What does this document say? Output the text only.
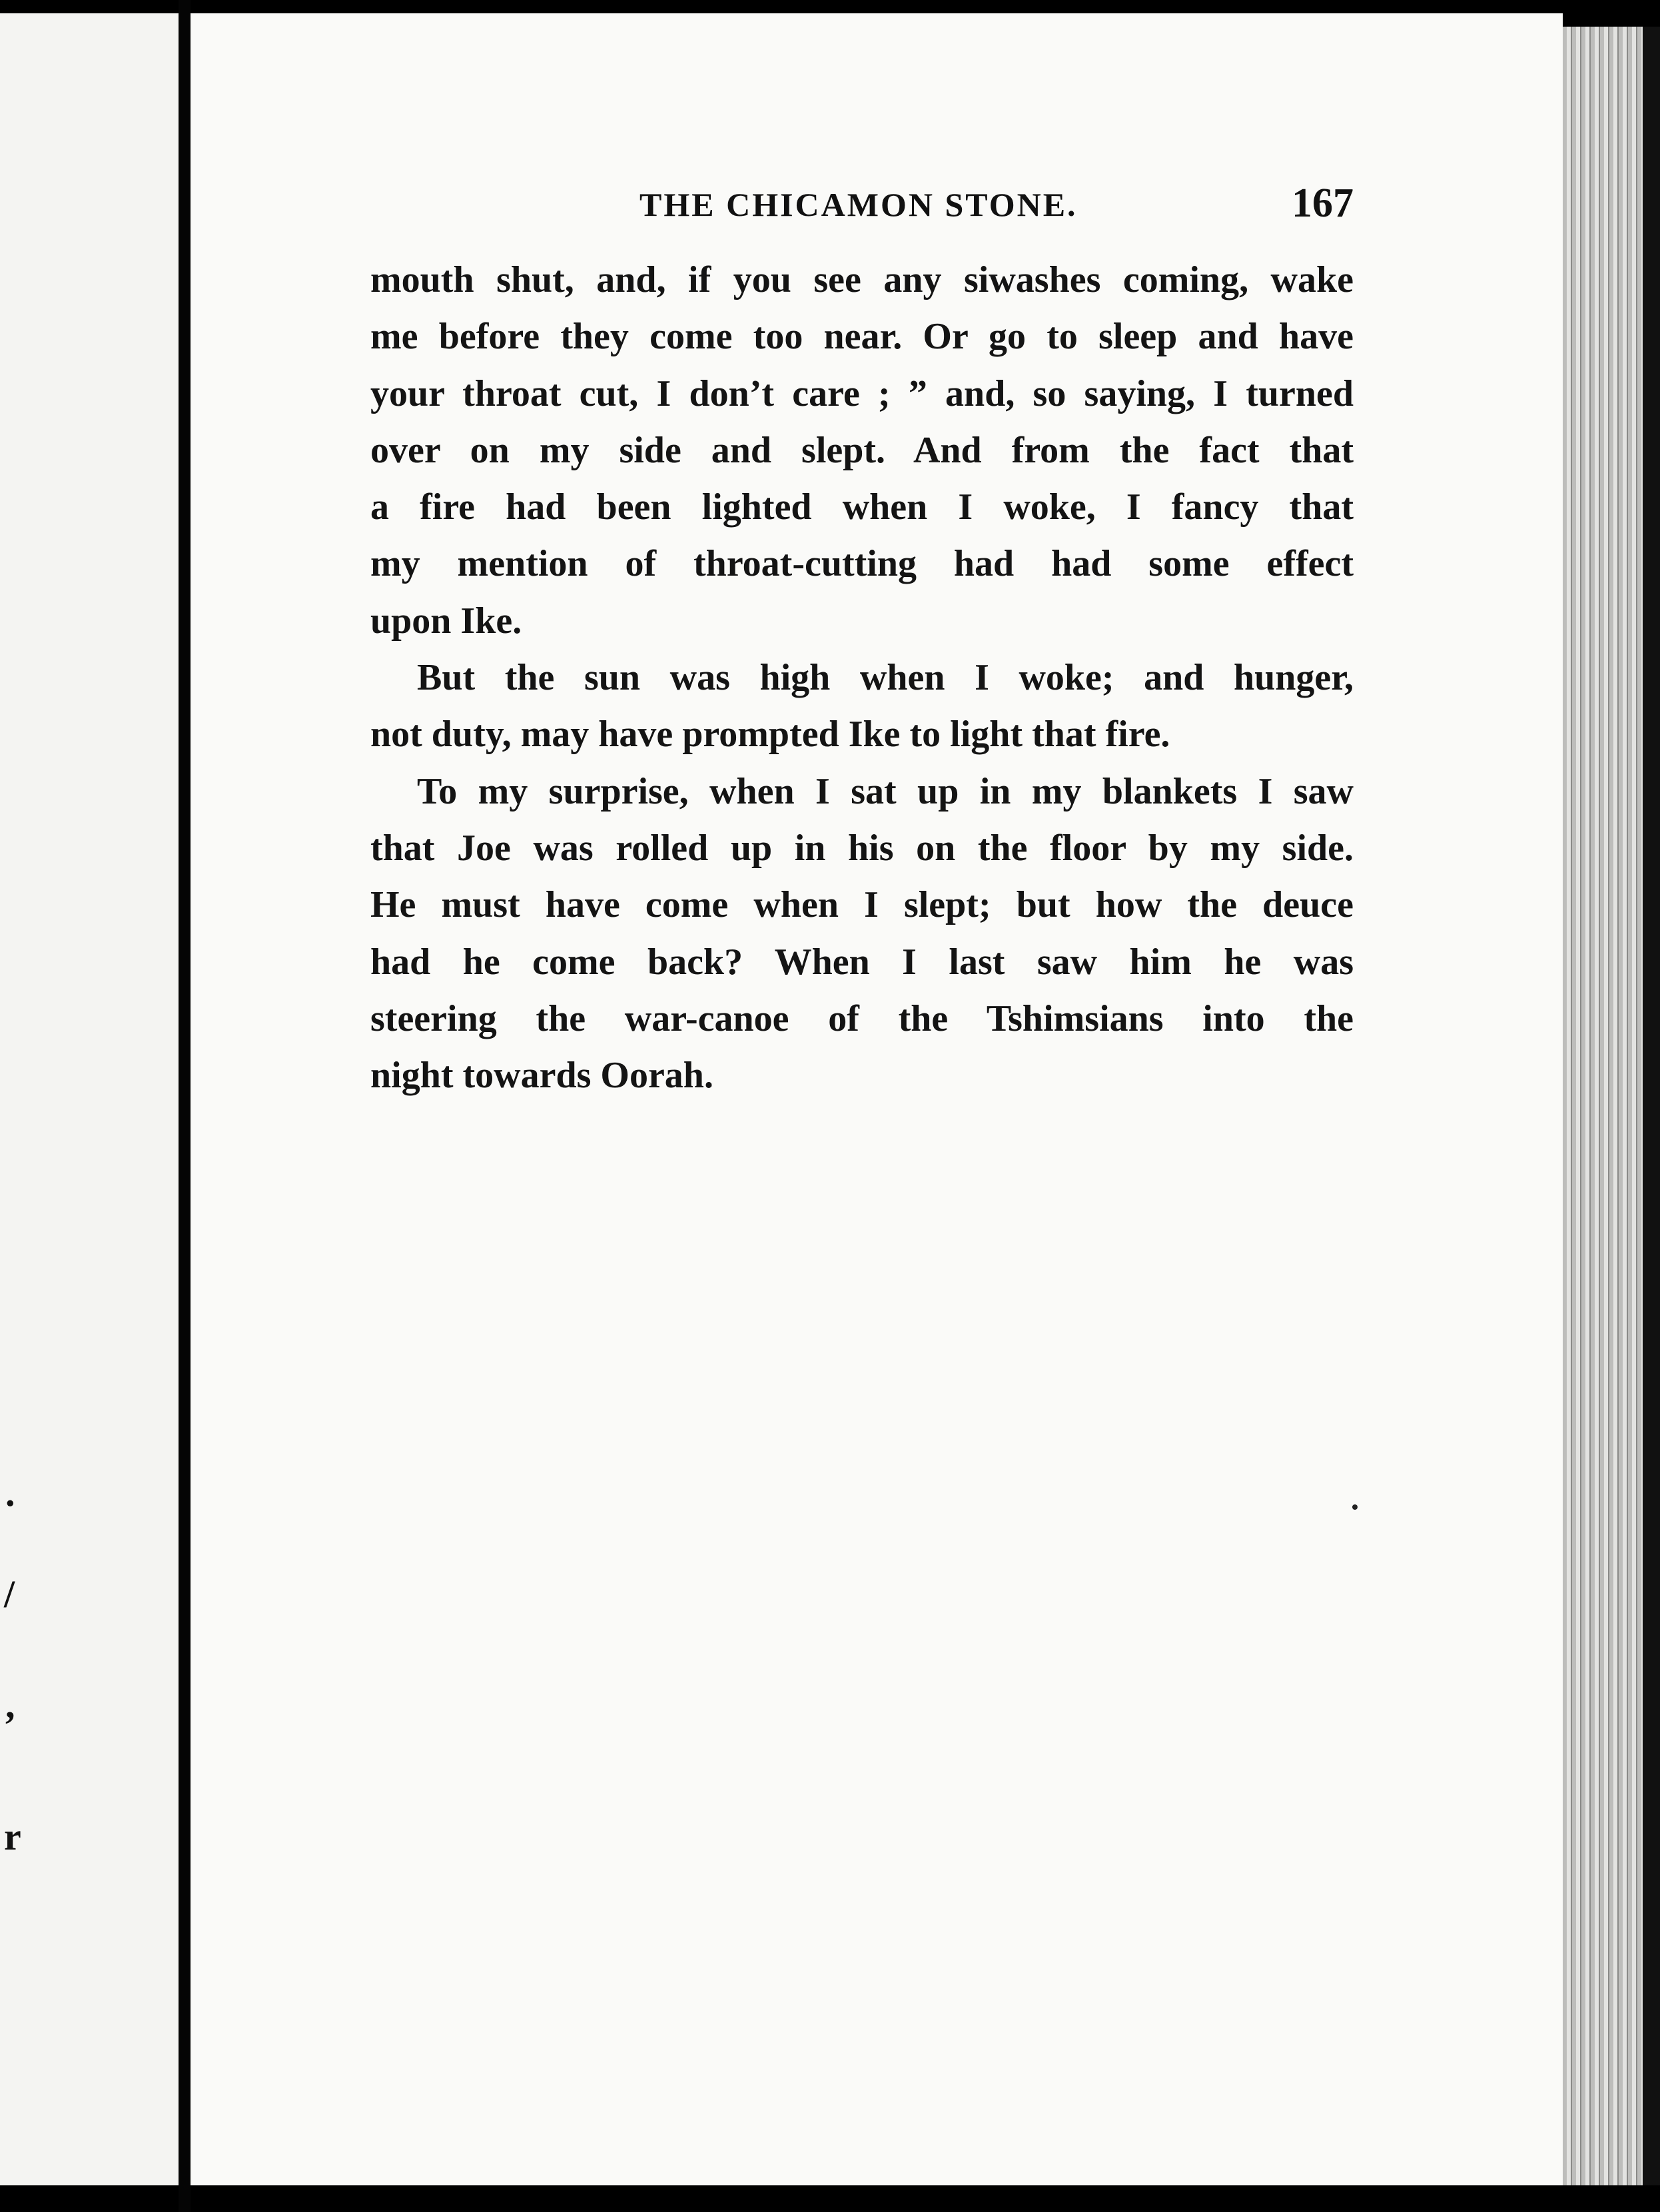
.
/
,
r
THE CHICAMON STONE.	167
mouth shut, and, if you see any siwashes coming, wake
me before they come too near. Or go to sleep and have
your throat cut, I don’t care ; ” and, so saying, I turned
over on my side and slept. And from the fact that
a fire had been lighted when I woke, I fancy that
my mention of throat-cutting had had some effect
upon Ike.
But the sun was high when I woke; and hunger,
not duty, may have prompted Ike to light that fire.
To my surprise, when I sat up in my blankets I saw
that Joe was rolled up in his on the floor by my side.
He must have come when I slept; but how the deuce
had he come back? When I last saw him he was
steering the war-canoe of the Tshimsians into the
night towards Oorah.
